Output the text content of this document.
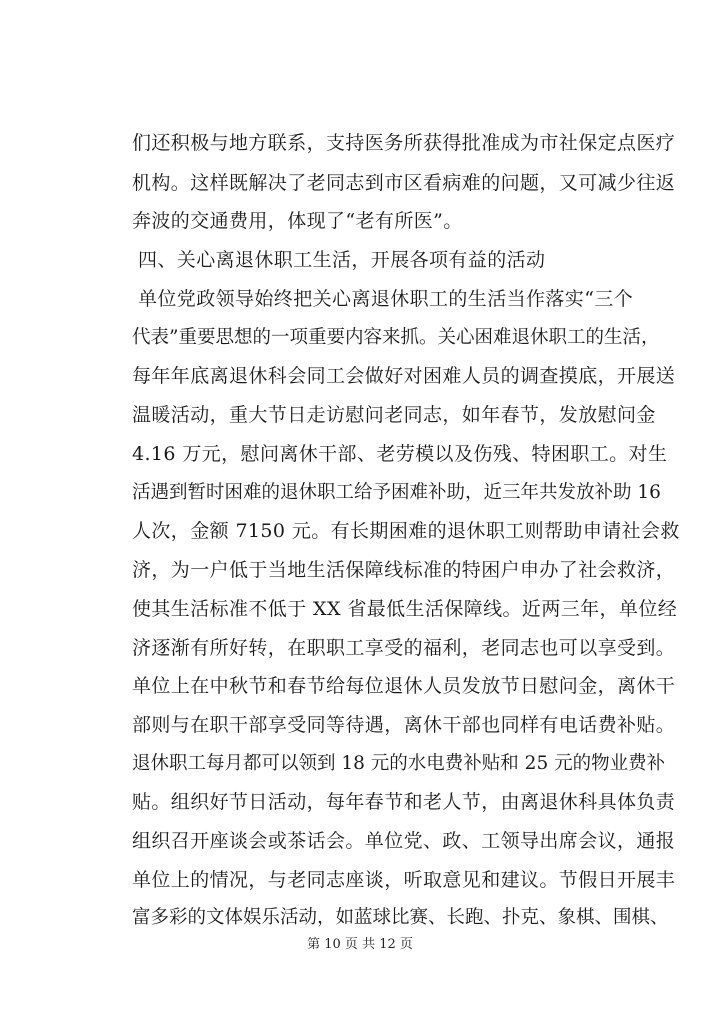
们还积极与地方联系，支持医务所获得批准成为市社保定点医疗
机构。这样既解决了老同志到市区看病难的问题，又可减少往返
奔波的交通费用，体现了“老有所医”。
四、关心离退休职工生活，开展各项有益的活动
单位党政领导始终把关心离退休职工的生活当作落实“三个
代表”重要思想的一项重要内容来抓。关心困难退休职工的生活，
每年年底离退休科会同工会做好对困难人员的调查摸底，开展送
温暖活动，重大节日走访慰问老同志，如年春节，发放慰问金
4.16 万元，慰问离休干部、老劳模以及伤残、特困职工。对生
活遇到暂时困难的退休职工给予困难补助，近三年共发放补助 16
人次，金额 7150 元。有长期困难的退休职工则帮助申请社会救
济，为一户低于当地生活保障线标准的特困户申办了社会救济，
使其生活标准不低于 XX 省最低生活保障线。近两三年，单位经
济逐渐有所好转，在职职工享受的福利，老同志也可以享受到。
单位上在中秋节和春节给每位退休人员发放节日慰问金，离休干
部则与在职干部享受同等待遇，离休干部也同样有电话费补贴。
退休职工每月都可以领到 18 元的水电费补贴和 25 元的物业费补
贴。组织好节日活动，每年春节和老人节，由离退休科具体负责
组织召开座谈会或茶话会。单位党、政、工领导出席会议，通报
单位上的情况，与老同志座谈，听取意见和建议。节假日开展丰
富多彩的文体娱乐活动，如蓝球比赛、长跑、扑克、象棋、围棋、
第 10 页 共 12 页
